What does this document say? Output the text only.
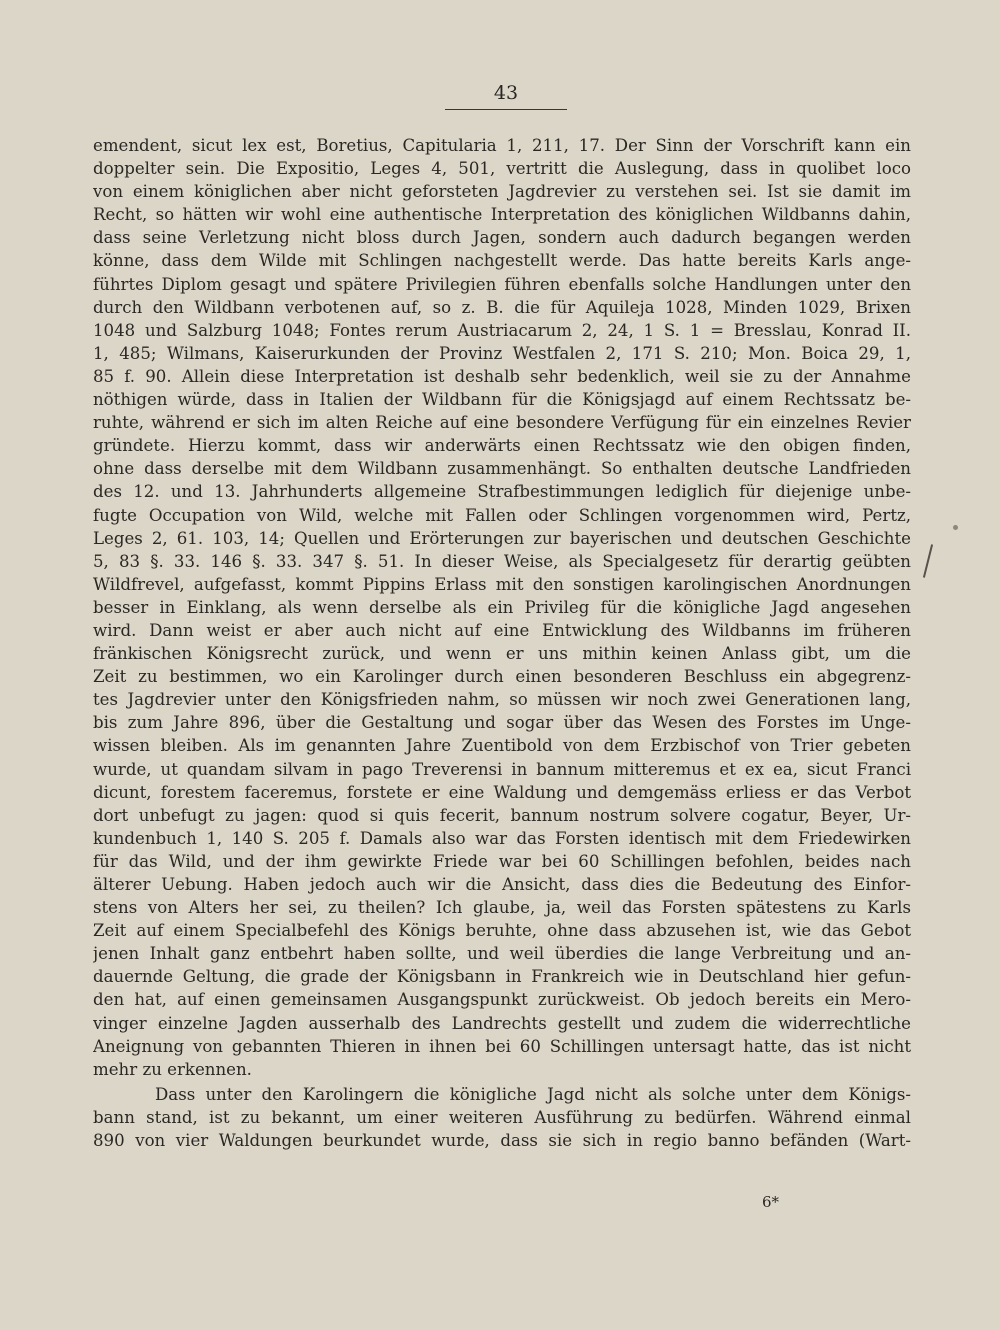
43
emendent, sicut lex est, Boretius, Capitularia 1, 211, 17. Der Sinn der Vorschrift kann ein
doppelter sein. Die Expositio, Leges 4, 501, vertritt die Auslegung, dass in quolibet loco
von einem königlichen aber nicht geforsteten Jagdrevier zu verstehen sei. Ist sie damit im
Recht, so hätten wir wohl eine authentische Interpretation des königlichen Wildbanns dahin,
dass seine Verletzung nicht bloss durch Jagen, sondern auch dadurch begangen werden
könne, dass dem Wilde mit Schlingen nachgestellt werde. Das hatte bereits Karls ange-
führtes Diplom gesagt und spätere Privilegien führen ebenfalls solche Handlungen unter den
durch den Wildbann verbotenen auf, so z. B. die für Aquileja 1028, Minden 1029, Brixen
1048 und Salzburg 1048; Fontes rerum Austriacarum 2, 24, 1 S. 1 = Bresslau, Konrad II.
1, 485; Wilmans, Kaiserurkunden der Provinz Westfalen 2, 171 S. 210; Mon. Boica 29, 1,
85 f. 90. Allein diese Interpretation ist deshalb sehr bedenklich, weil sie zu der Annahme
nöthigen würde, dass in Italien der Wildbann für die Königsjagd auf einem Rechtssatz be-
ruhte, während er sich im alten Reiche auf eine besondere Verfügung für ein einzelnes Revier
gründete. Hierzu kommt, dass wir anderwärts einen Rechtssatz wie den obigen finden,
ohne dass derselbe mit dem Wildbann zusammenhängt. So enthalten deutsche Landfrieden
des 12. und 13. Jahrhunderts allgemeine Strafbestimmungen lediglich für diejenige unbe-
fugte Occupation von Wild, welche mit Fallen oder Schlingen vorgenommen wird, Pertz,
Leges 2, 61. 103, 14; Quellen und Erörterungen zur bayerischen und deutschen Geschichte
5, 83 §. 33. 146 §. 33. 347 §. 51. In dieser Weise, als Specialgesetz für derartig geübten
Wildfrevel, aufgefasst, kommt Pippins Erlass mit den sonstigen karolingischen Anordnungen
besser in Einklang, als wenn derselbe als ein Privileg für die königliche Jagd angesehen
wird. Dann weist er aber auch nicht auf eine Entwicklung des Wildbanns im früheren
fränkischen Königsrecht zurück, und wenn er uns mithin keinen Anlass gibt, um die
Zeit zu bestimmen, wo ein Karolinger durch einen besonderen Beschluss ein abgegrenz-
tes Jagdrevier unter den Königsfrieden nahm, so müssen wir noch zwei Generationen lang,
bis zum Jahre 896, über die Gestaltung und sogar über das Wesen des Forstes im Unge-
wissen bleiben. Als im genannten Jahre Zuentibold von dem Erzbischof von Trier gebeten
wurde, ut quandam silvam in pago Treverensi in bannum mitteremus et ex ea, sicut Franci
dicunt, forestem faceremus, forstete er eine Waldung und demgemäss erliess er das Verbot
dort unbefugt zu jagen: quod si quis fecerit, bannum nostrum solvere cogatur, Beyer, Ur-
kundenbuch 1, 140 S. 205 f. Damals also war das Forsten identisch mit dem Friedewirken
für das Wild, und der ihm gewirkte Friede war bei 60 Schillingen befohlen, beides nach
älterer Uebung. Haben jedoch auch wir die Ansicht, dass dies die Bedeutung des Einfor-
stens von Alters her sei, zu theilen? Ich glaube, ja, weil das Forsten spätestens zu Karls
Zeit auf einem Specialbefehl des Königs beruhte, ohne dass abzusehen ist, wie das Gebot
jenen Inhalt ganz entbehrt haben sollte, und weil überdies die lange Verbreitung und an-
dauernde Geltung, die grade der Königsbann in Frankreich wie in Deutschland hier gefun-
den hat, auf einen gemeinsamen Ausgangspunkt zurückweist. Ob jedoch bereits ein Mero-
vinger einzelne Jagden ausserhalb des Landrechts gestellt und zudem die widerrechtliche
Aneignung von gebannten Thieren in ihnen bei 60 Schillingen untersagt hatte, das ist nicht
mehr zu erkennen.
Dass unter den Karolingern die königliche Jagd nicht als solche unter dem Königs-
bann stand, ist zu bekannt, um einer weiteren Ausführung zu bedürfen. Während einmal
890 von vier Waldungen beurkundet wurde, dass sie sich in regio banno befänden (Wart-
6*
